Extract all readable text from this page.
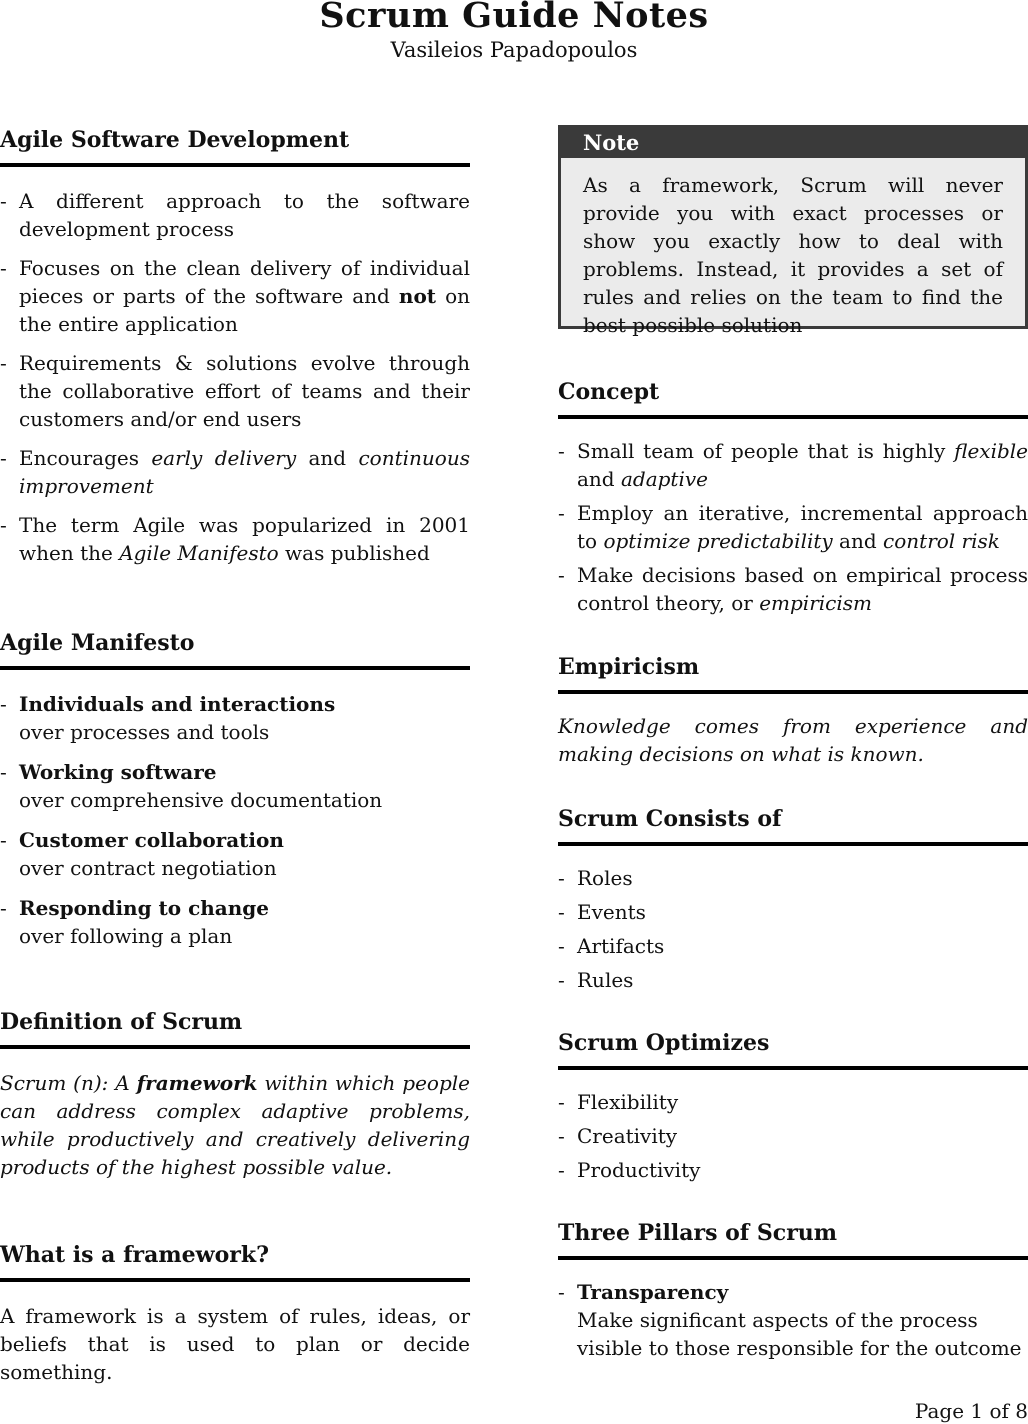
Scrum Guide Notes
Vasileios Papadopoulos
Agile Software Development
- A different approach to the software development process
- Focuses on the clean delivery of individual pieces or parts of the software and not on the entire application
- Requirements & solutions evolve through the collaborative effort of teams and their customers and/or end users
- Encourages early delivery and continuous improvement
- The term Agile was popularized in 2001 when the Agile Manifesto was published
Agile Manifesto
- Individuals and interactions
over processes and tools
- Working software
over comprehensive documentation
- Customer collaboration
over contract negotiation
- Responding to change
over following a plan
Definition of Scrum

Scrum (n): A framework within which people can address complex adaptive problems, while productively and creatively delivering products of the highest possible value.

What is a framework?

A framework is a system of rules, ideas, or beliefs that is used to plan or decide something.

Note
As a framework, Scrum will never provide you with exact processes or show you exactly how to deal with problems. Instead, it provides a set of rules and relies on the team to find the best possible solution
Concept
- Small team of people that is highly flexible and adaptive
- Employ an iterative, incremental approach to optimize predictability and control risk
- Make decisions based on empirical process control theory, or empiricism
Empiricism

Knowledge comes from experience and making decisions on what is known.

Scrum Consists of
- Roles
- Events
- Artifacts
- Rules
Scrum Optimizes
- Flexibility
- Creativity
- Productivity
Three Pillars of Scrum
- Transparency
Make significant aspects of the process visible to those responsible for the outcome
Page 1 of 8
